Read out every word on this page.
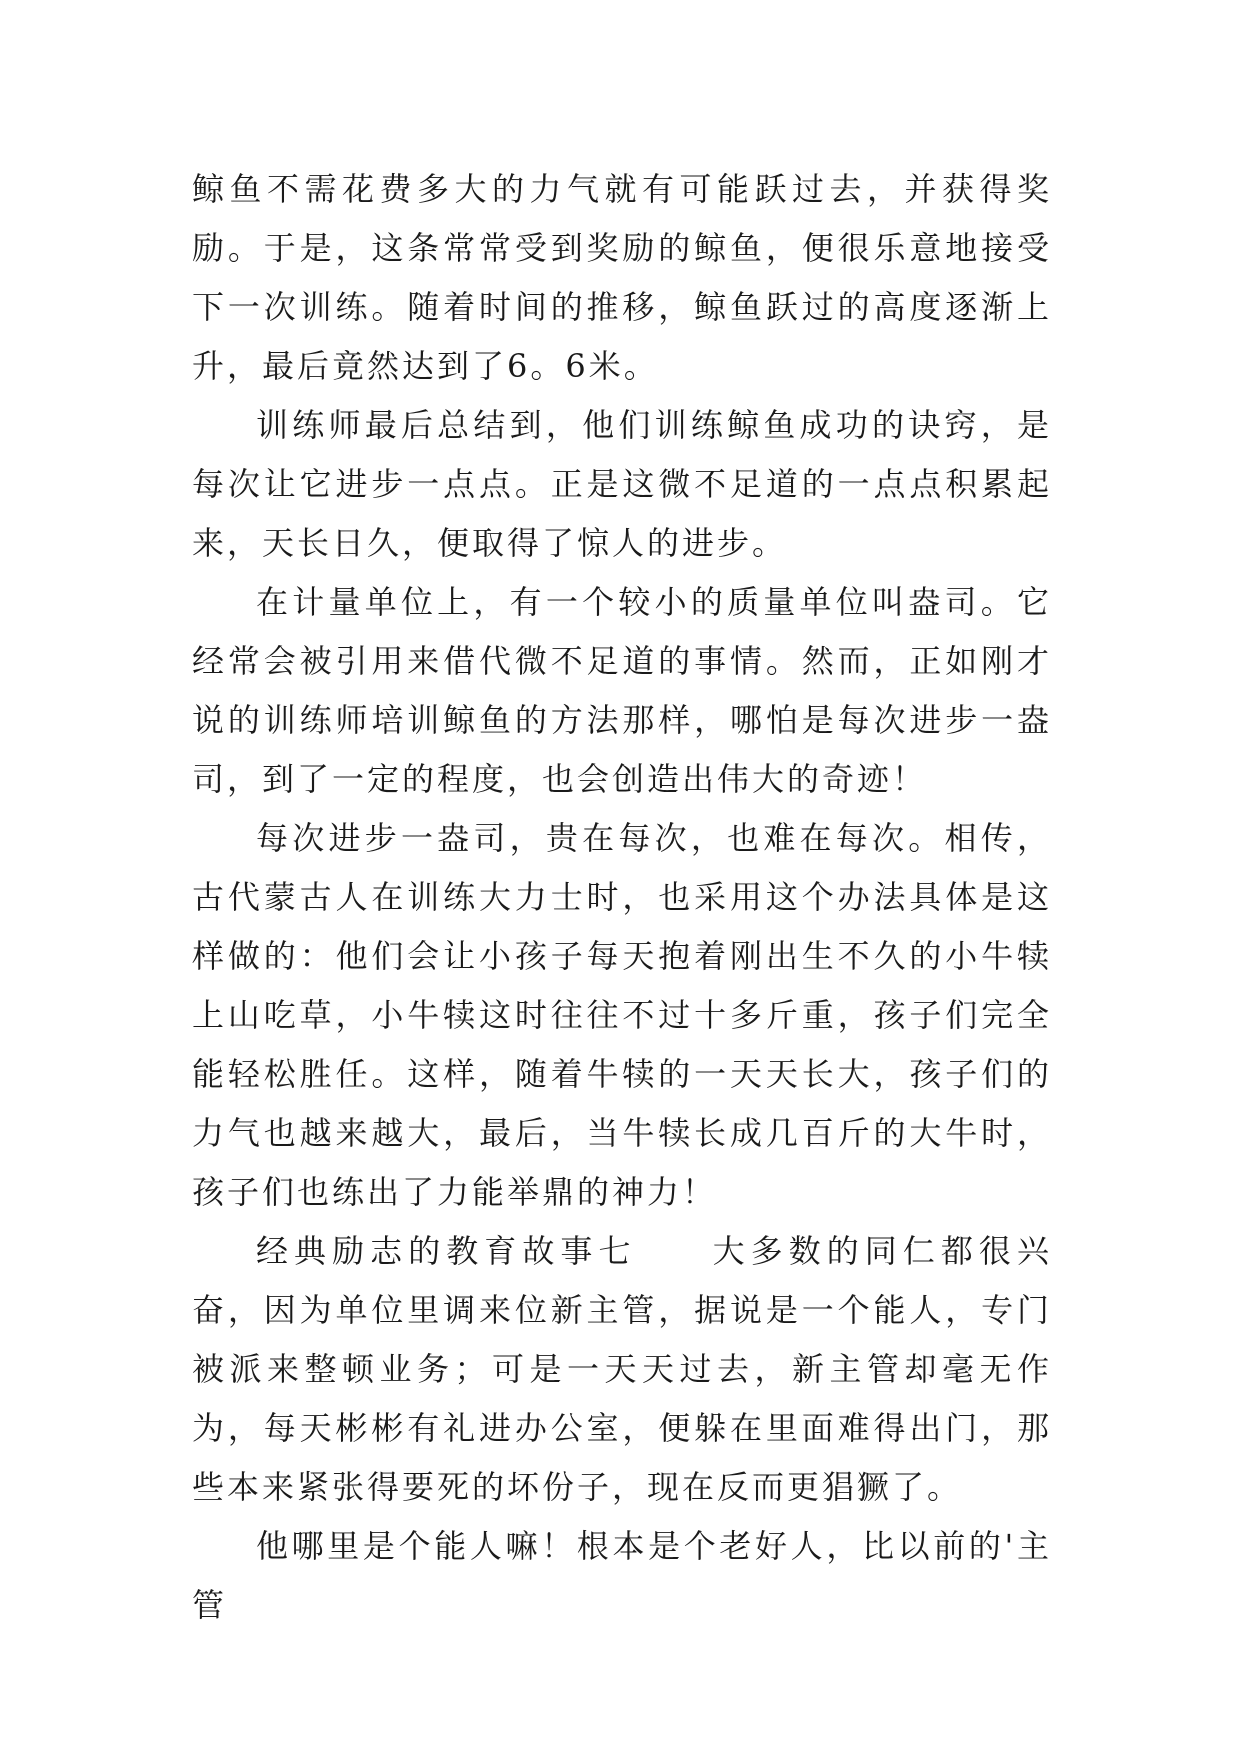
鲸鱼不需花费多大的力气就有可能跃过去，并获得奖励。于是，这条常常受到奖励的鲸鱼，便很乐意地接受下一次训练。随着时间的推移，鲸鱼跃过的高度逐渐上升，最后竟然达到了6。6米。

训练师最后总结到，他们训练鲸鱼成功的诀窍，是每次让它进步一点点。正是这微不足道的一点点积累起来，天长日久，便取得了惊人的进步。

在计量单位上，有一个较小的质量单位叫盎司。它经常会被引用来借代微不足道的事情。然而，正如刚才说的训练师培训鲸鱼的方法那样，哪怕是每次进步一盎司，到了一定的程度，也会创造出伟大的奇迹！

每次进步一盎司，贵在每次，也难在每次。相传，古代蒙古人在训练大力士时，也采用这个办法具体是这样做的：他们会让小孩子每天抱着刚出生不久的小牛犊上山吃草，小牛犊这时往往不过十多斤重，孩子们完全能轻松胜任。这样，随着牛犊的一天天长大，孩子们的力气也越来越大，最后，当牛犊长成几百斤的大牛时，孩子们也练出了力能举鼎的神力！

经典励志的教育故事七　　大多数的同仁都很兴奋，因为单位里调来位新主管，据说是一个能人，专门被派来整顿业务；可是一天天过去，新主管却毫无作为，每天彬彬有礼进办公室，便躲在里面难得出门，那些本来紧张得要死的坏份子，现在反而更猖獗了。

他哪里是个能人嘛！根本是个老好人，比以前的'主管
